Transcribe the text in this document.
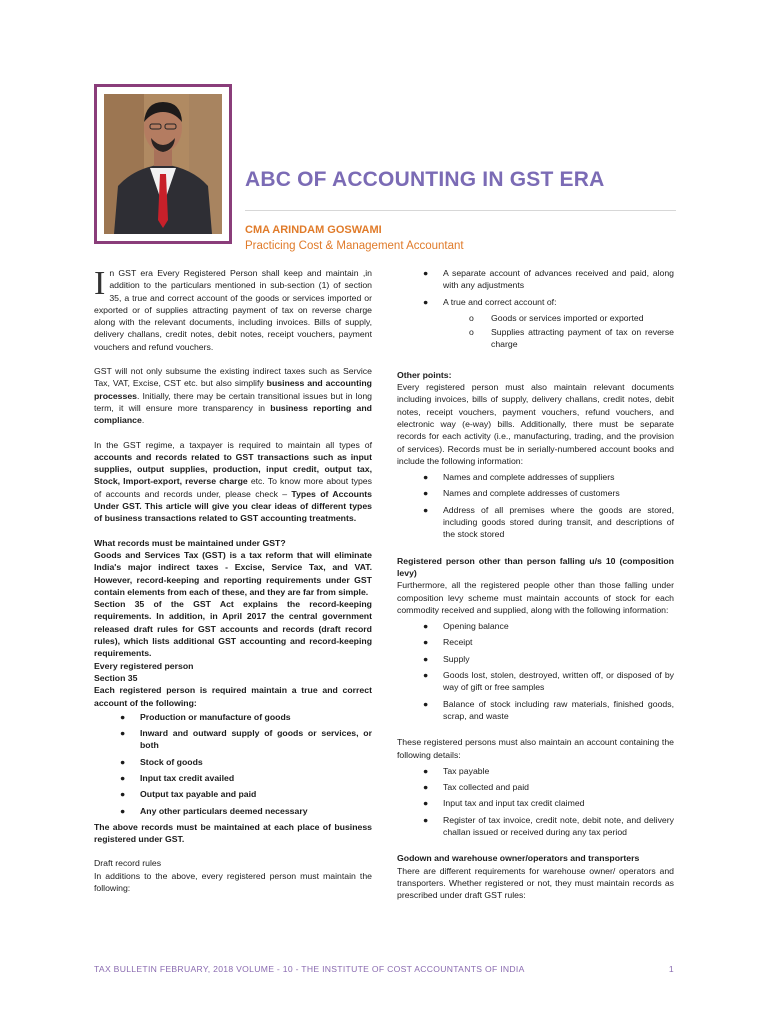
ABC OF ACCOUNTING IN GST ERA
CMA ARINDAM GOSWAMI
Practicing Cost & Management Accountant

In GST era Every Registered Person shall keep and maintain ,in addition to the particulars mentioned in sub-section (1) of section 35, a true and correct account of the goods or services imported or exported or of supplies attracting payment of tax on reverse charge along with the relevant documents, including invoices. Bills of supply, delivery challans, credit notes, debit notes, receipt vouchers, payment vouchers and refund vouchers.

GST will not only subsume the existing indirect taxes such as Service Tax, VAT, Excise, CST etc. but also simplify business and accounting processes. Initially, there may be certain transitional issues but in long term, it will ensure more transparency in business reporting and compliance.

In the GST regime, a taxpayer is required to maintain all types of accounts and records related to GST transactions such as input supplies, output supplies, production, input credit, output tax, Stock, Import-export, reverse charge etc. To know more about types of accounts and records under, please check – Types of Accounts Under GST. This article will give you clear ideas of different types of business transactions related to GST accounting treatments.

What records must be maintained under GST?
Goods and Services Tax (GST) is a tax reform that will eliminate India's major indirect taxes - Excise, Service Tax, and VAT. However, record-keeping and reporting requirements under GST contain elements from each of these, and they are far from simple.
Section 35 of the GST Act explains the record-keeping requirements. In addition, in April 2017 the central government released draft rules for GST accounts and records (draft record rules), which lists additional GST accounting and record-keeping requirements.
Every registered person
Section 35
Each registered person is required maintain a true and correct account of the following:
● Production or manufacture of goods
● Inward and outward supply of goods or services, or both
● Stock of goods
● Input tax credit availed
● Output tax payable and paid
● Any other particulars deemed necessary

The above records must be maintained at each place of business registered under GST.

Draft record rules
In additions to the above, every registered person must maintain the following:
● A separate account of advances received and paid, along with any adjustments
● A true and correct account of:
o Goods or services imported or exported
o Supplies attracting payment of tax on reverse charge
Other points:
Every registered person must also maintain relevant documents including invoices, bills of supply, delivery challans, credit notes, debit notes, receipt vouchers, payment vouchers, refund vouchers, and electronic way (e-way) bills. Additionally, there must be separate records for each activity (i.e., manufacturing, trading, and the provision of services). Records must be in serially-numbered account books and include the following information:
● Names and complete addresses of suppliers
● Names and complete addresses of customers
● Address of all premises where the goods are stored, including goods stored during transit, and descriptions of the stock stored
Registered person other than person falling u/s 10 (composition levy)
Furthermore, all the registered people other than those falling under composition levy scheme must maintain accounts of stock for each commodity received and supplied, along with the following information:
● Opening balance
● Receipt
● Supply
● Goods lost, stolen, destroyed, written off, or disposed of by way of gift or free samples
● Balance of stock including raw materials, finished goods, scrap, and waste
These registered persons must also maintain an account containing the following details:
● Tax payable
● Tax collected and paid
● Input tax and input tax credit claimed
● Register of tax invoice, credit note, debit note, and delivery challan issued or received during any tax period
Godown and warehouse owner/operators and transporters
There are different requirements for warehouse owner/ operators and transporters. Whether registered or not, they must maintain records as prescribed under draft GST rules:
TAX BULLETIN FEBRUARY, 2018 VOLUME - 10 - THE INSTITUTE OF COST ACCOUNTANTS OF INDIA	1
